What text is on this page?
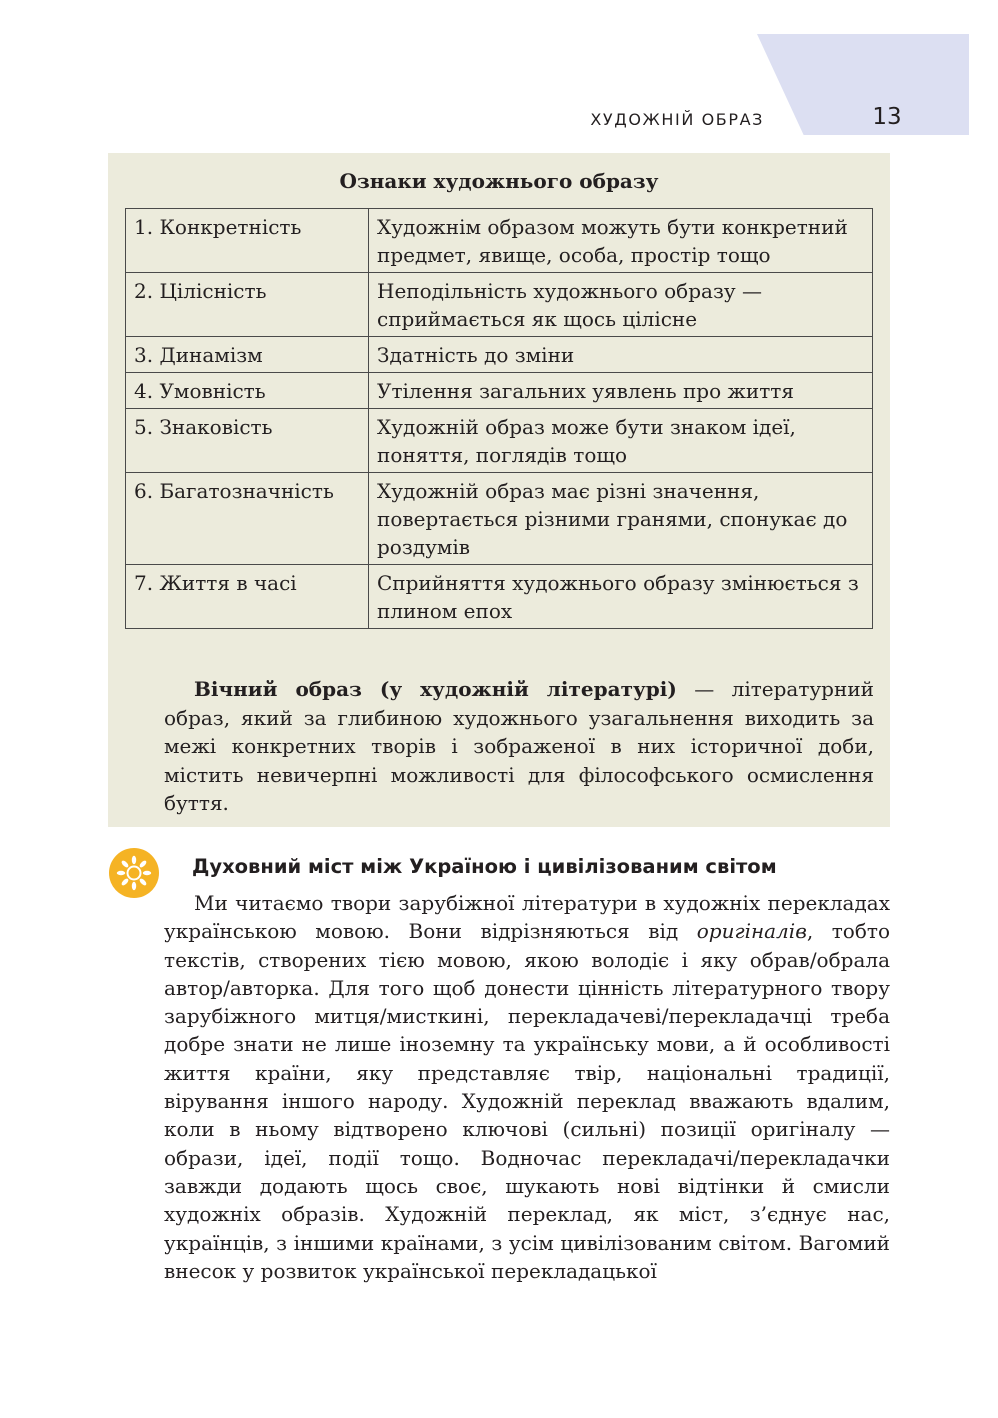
ХУДОЖНІЙ ОБРАЗ	13
Ознаки художнього образу
1. Конкретність	Художнім образом можуть бути конкретний предмет, явище, особа, простір тощо
2. Цілісність	Неподільність художнього образу — сприймається як щось цілісне
3. Динамізм	Здатність до зміни
4. Умовність	Утілення загальних уявлень про життя
5. Знаковість	Художній образ може бути знаком ідеї, поняття, поглядів тощо
6. Багатозначність	Художній образ має різні значення, повертається різними гранями, спонукає до роздумів
7. Життя в часі	Сприйняття художнього образу змінюється з плином епох

Вічний образ (у художній літературі) — літературний образ, який за глибиною художнього узагальнення виходить за межі конкретних творів і зображеної в них історичної доби, містить невичерпні можливості для філософського осмислення буття.

Духовний міст між Україною і цивілізованим світом

Ми читаємо твори зарубіжної літератури в художніх перекладах українською мовою. Вони відрізняються від оригіналів, тобто текстів, створених тією мовою, якою володіє і яку обрав/обрала автор/авторка. Для того щоб донести цінність літературного твору зарубіжного митця/мисткині, перекладачеві/перекладачці треба добре знати не лише іноземну та українську мови, а й особливості життя країни, яку представляє твір, національні традиції, вірування іншого народу. Художній переклад вважають вдалим, коли в ньому відтворено ключові (сильні) позиції оригіналу — образи, ідеї, події тощо. Водночас перекладачі/перекладачки завжди додають щось своє, шукають нові відтінки й смисли художніх образів. Художній переклад, як міст, з’єднує нас, українців, з іншими країнами, з усім цивілізованим світом. Вагомий внесок у розвиток української перекладацької
